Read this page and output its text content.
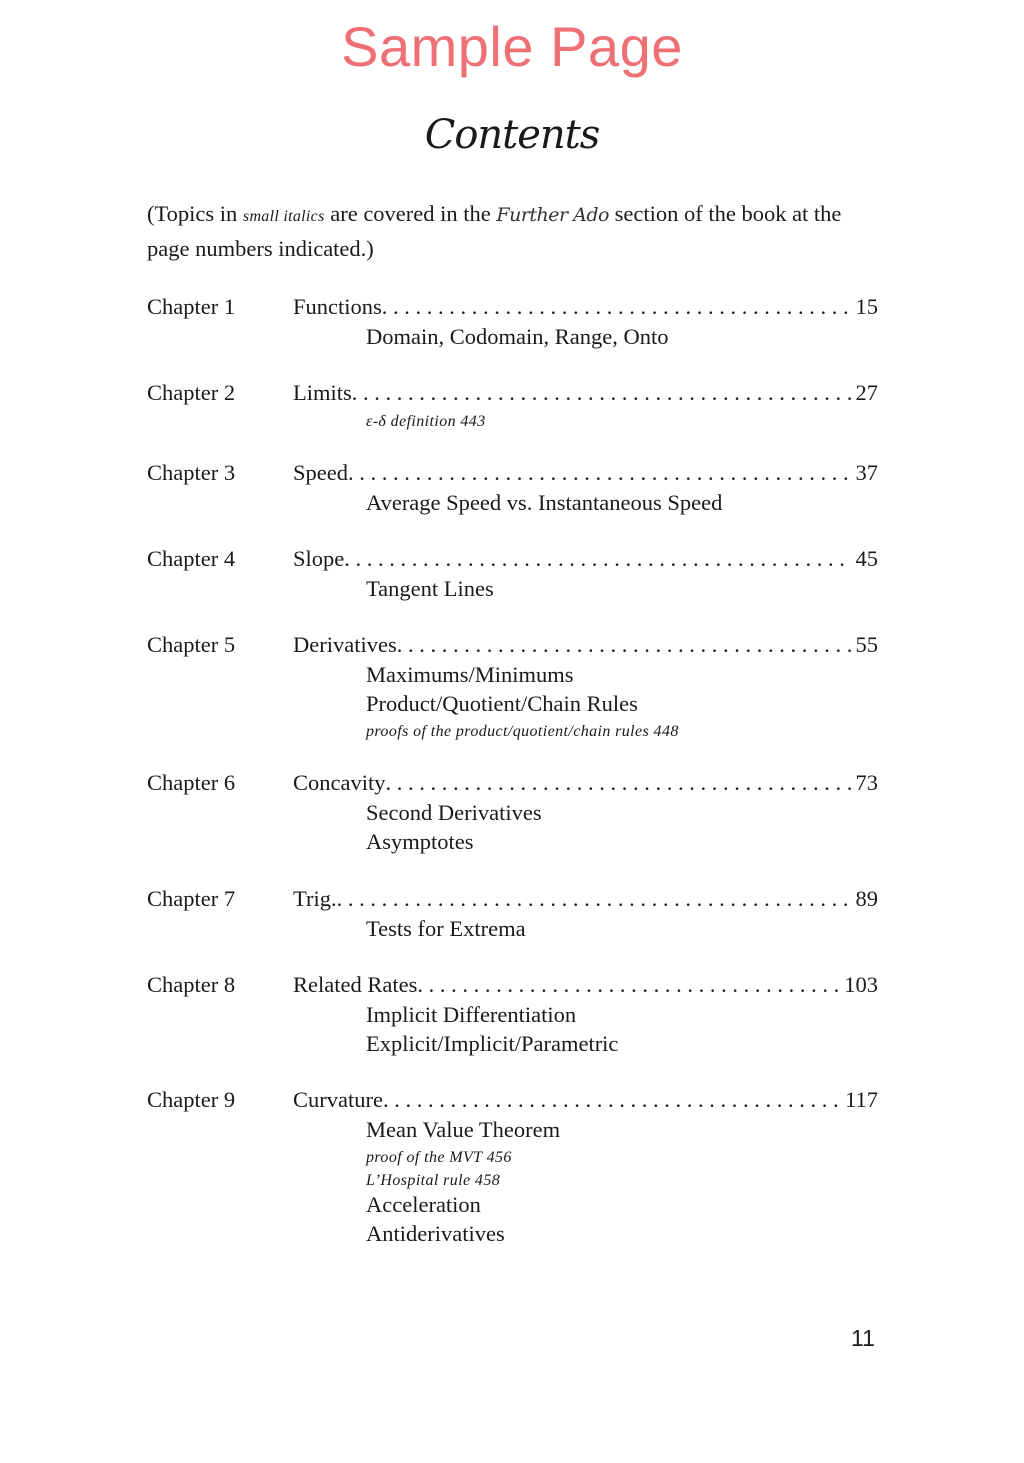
Sample Page
Contents
(Topics in small italics are covered in the Further Ado section of the book at the page numbers indicated.)
Chapter 1	Functions . . .	15
Domain, Codomain, Range, Onto
Chapter 2	Limits . . .	27
ε-δ definition 443
Chapter 3	Speed . . .	37
Average Speed vs. Instantaneous Speed
Chapter 4	Slope . . .	45
Tangent Lines
Chapter 5	Derivatives . . .	55
Maximums/Minimums
Product/Quotient/Chain Rules
proofs of the product/quotient/chain rules 448
Chapter 6	Concavity . . .	73
Second Derivatives
Asymptotes
Chapter 7	Trig. . . .	89
Tests for Extrema
Chapter 8	Related Rates . . .	103
Implicit Differentiation
Explicit/Implicit/Parametric
Chapter 9	Curvature . . .	117
Mean Value Theorem
proof of the MVT 456
L’Hospital rule 458
Acceleration
Antiderivatives
11
